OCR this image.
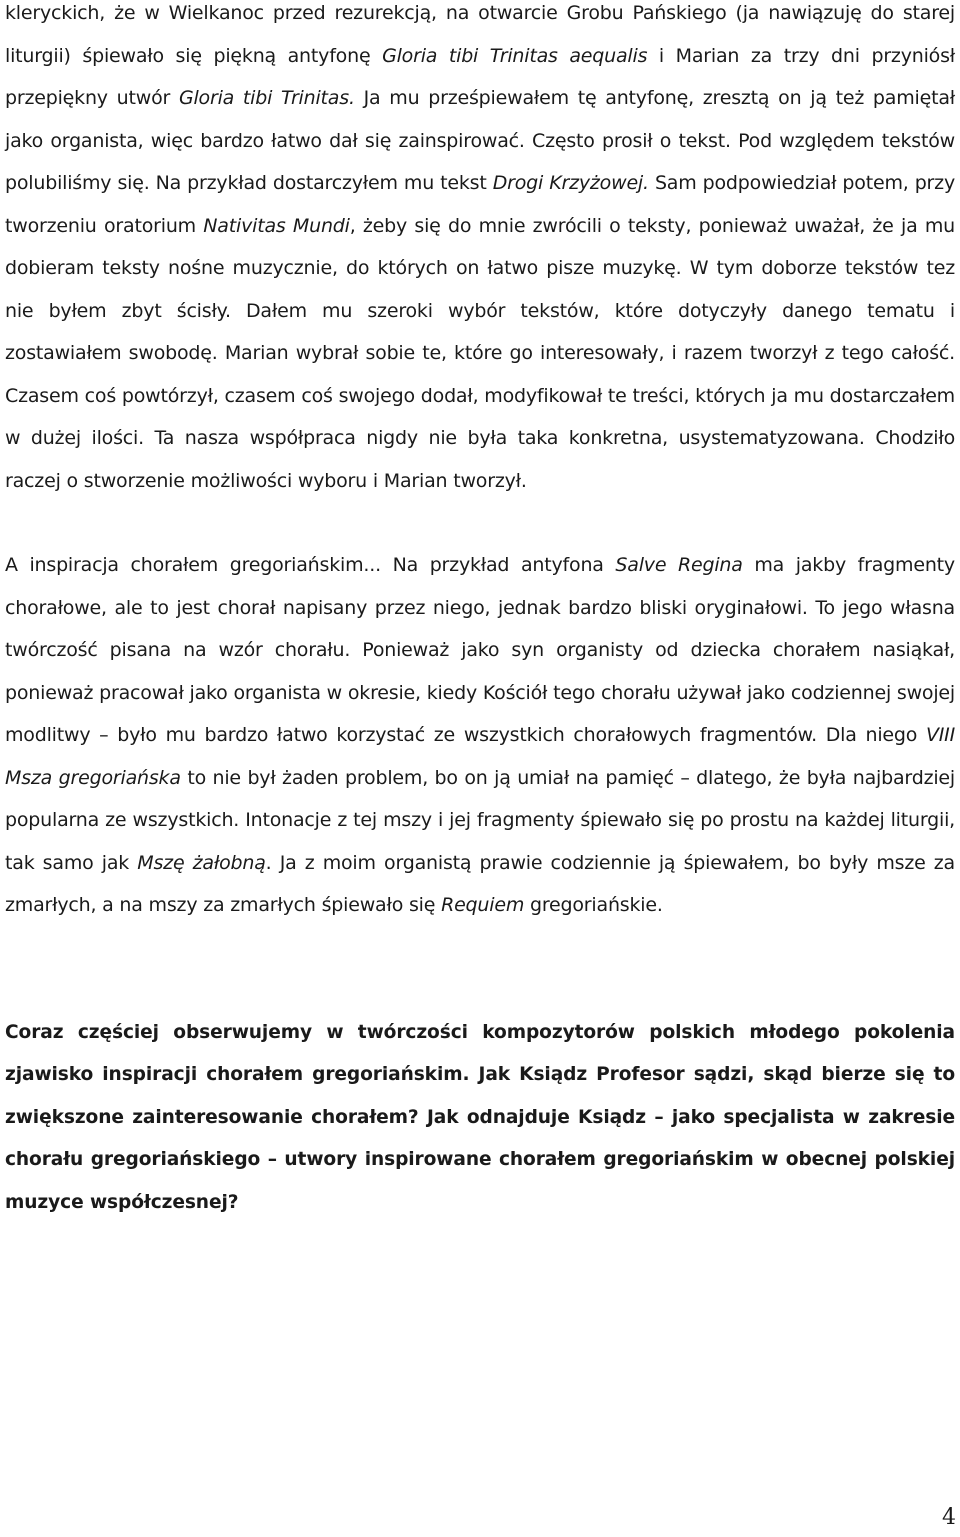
kleryckich, że w Wielkanoc przed rezurekcją, na otwarcie Grobu Pańskiego (ja nawiązuję do starej liturgii) śpiewało się piękną antyfonę Gloria tibi Trinitas aequalis i Marian za trzy dni przyniósł przepiękny utwór Gloria tibi Trinitas. Ja mu prześpiewałem tę antyfonę, zresztą on ją też pamiętał jako organista, więc bardzo łatwo dał się zainspirować. Często prosił o tekst. Pod względem tekstów polubiliśmy się. Na przykład dostarczyłem mu tekst Drogi Krzyżowej. Sam podpowiedział potem, przy tworzeniu oratorium Nativitas Mundi, żeby się do mnie zwrócili o teksty, ponieważ uważał, że ja mu dobieram teksty nośne muzycznie, do których on łatwo pisze muzykę. W tym doborze tekstów tez nie byłem zbyt ścisły. Dałem mu szeroki wybór tekstów, które dotyczyły danego tematu i zostawiałem swobodę. Marian wybrał sobie te, które go interesowały, i razem tworzył z tego całość. Czasem coś powtórzył, czasem coś swojego dodał, modyfikował te treści, których ja mu dostarczałem w dużej ilości. Ta nasza współpraca nigdy nie była taka konkretna, usystematyzowana. Chodziło raczej o stworzenie możliwości wyboru i Marian tworzył.

A inspiracja chorałem gregoriańskim... Na przykład antyfona Salve Regina ma jakby fragmenty chorałowe, ale to jest chorał napisany przez niego, jednak bardzo bliski oryginałowi. To jego własna twórczość pisana na wzór chorału. Ponieważ jako syn organisty od dziecka chorałem nasiąkał, ponieważ pracował jako organista w okresie, kiedy Kościół tego chorału używał jako codziennej swojej modlitwy – było mu bardzo łatwo korzystać ze wszystkich chorałowych fragmentów. Dla niego VIII Msza gregoriańska to nie był żaden problem, bo on ją umiał na pamięć – dlatego, że była najbardziej popularna ze wszystkich. Intonacje z tej mszy i jej fragmenty śpiewało się po prostu na każdej liturgii, tak samo jak Mszę żałobną. Ja z moim organistą prawie codziennie ją śpiewałem, bo były msze za zmarłych, a na mszy za zmarłych śpiewało się Requiem gregoriańskie.

Coraz częściej obserwujemy w twórczości kompozytorów polskich młodego pokolenia zjawisko inspiracji chorałem gregoriańskim. Jak Ksiądz Profesor sądzi, skąd bierze się to zwiększone zainteresowanie chorałem? Jak odnajduje Ksiądz – jako specjalista w zakresie chorału gregoriańskiego – utwory inspirowane chorałem gregoriańskim w obecnej polskiej muzyce współczesnej?

4
